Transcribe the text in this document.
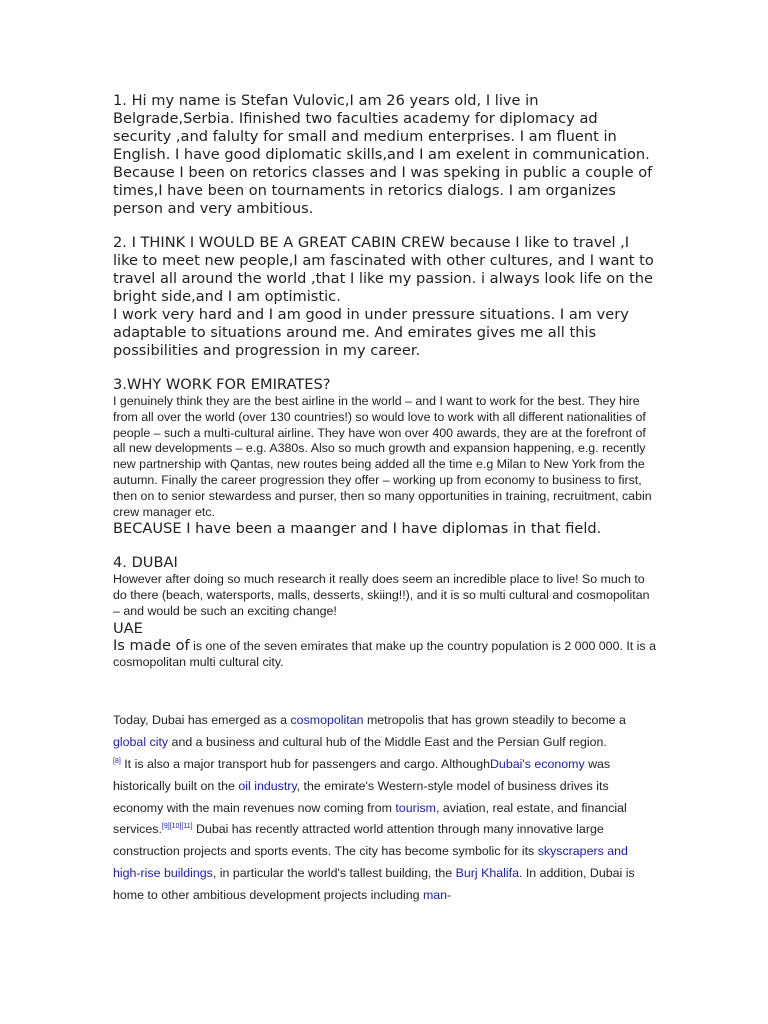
1. Hi my name is Stefan Vulovic,I am 26 years old, I live in Belgrade,Serbia. Ifinished two faculties academy for diplomacy ad security ,and falulty for small and medium enterprises. I am fluent in English. I have good diplomatic skills,and I am exelent in communication. Because I been on retorics classes and I was speking in public a couple of times,I have been on tournaments in retorics dialogs. I am organizes person and very ambitious.

2. I THINK I WOULD BE A GREAT CABIN CREW because I like to travel ,I like to meet new people,I am fascinated with other cultures, and I want to travel all around the world ,that I like my passion. i always look life on the bright side,and I am optimistic.

I work very hard and I am good in under pressure situations. I am very adaptable to situations around me. And emirates gives me all this possibilities and progression in my career.

3.WHY WORK FOR EMIRATES?

I genuinely think they are the best airline in the world – and I want to work for the best. They hire from all over the world (over 130 countries!) so would love to work with all different nationalities of people – such a multi-cultural airline. They have won over 400 awards, they are at the forefront of all new developments – e.g. A380s. Also so much growth and expansion happening, e.g. recently new partnership with Qantas, new routes being added all the time e.g Milan to New York from the autumn. Finally the career progression they offer – working up from economy to business to first, then on to senior stewardess and purser, then so many opportunities in training, recruitment, cabin crew manager etc.

BECAUSE I have been a maanger and I have diplomas in that field.

4. DUBAI

However after doing so much research it really does seem an incredible place to live! So much to do there (beach, watersports, malls, desserts, skiing!!), and it is so multi cultural and cosmopolitan – and would be such an exciting change!

UAE

Is made of is one of the seven emirates that make up the country population is 2 000 000. It is a cosmopolitan multi cultural city.

Today, Dubai has emerged as a cosmopolitan metropolis that has grown steadily to become a global city and a business and cultural hub of the Middle East and the Persian Gulf region.
[8] It is also a major transport hub for passengers and cargo. AlthoughDubai's economy was historically built on the oil industry, the emirate's Western-style model of business drives its economy with the main revenues now coming from tourism, aviation, real estate, and financial services.[9][10][11] Dubai has recently attracted world attention through many innovative large construction projects and sports events. The city has become symbolic for its skyscrapers and high-rise buildings, in particular the world's tallest building, the Burj Khalifa. In addition, Dubai is home to other ambitious development projects including man-
